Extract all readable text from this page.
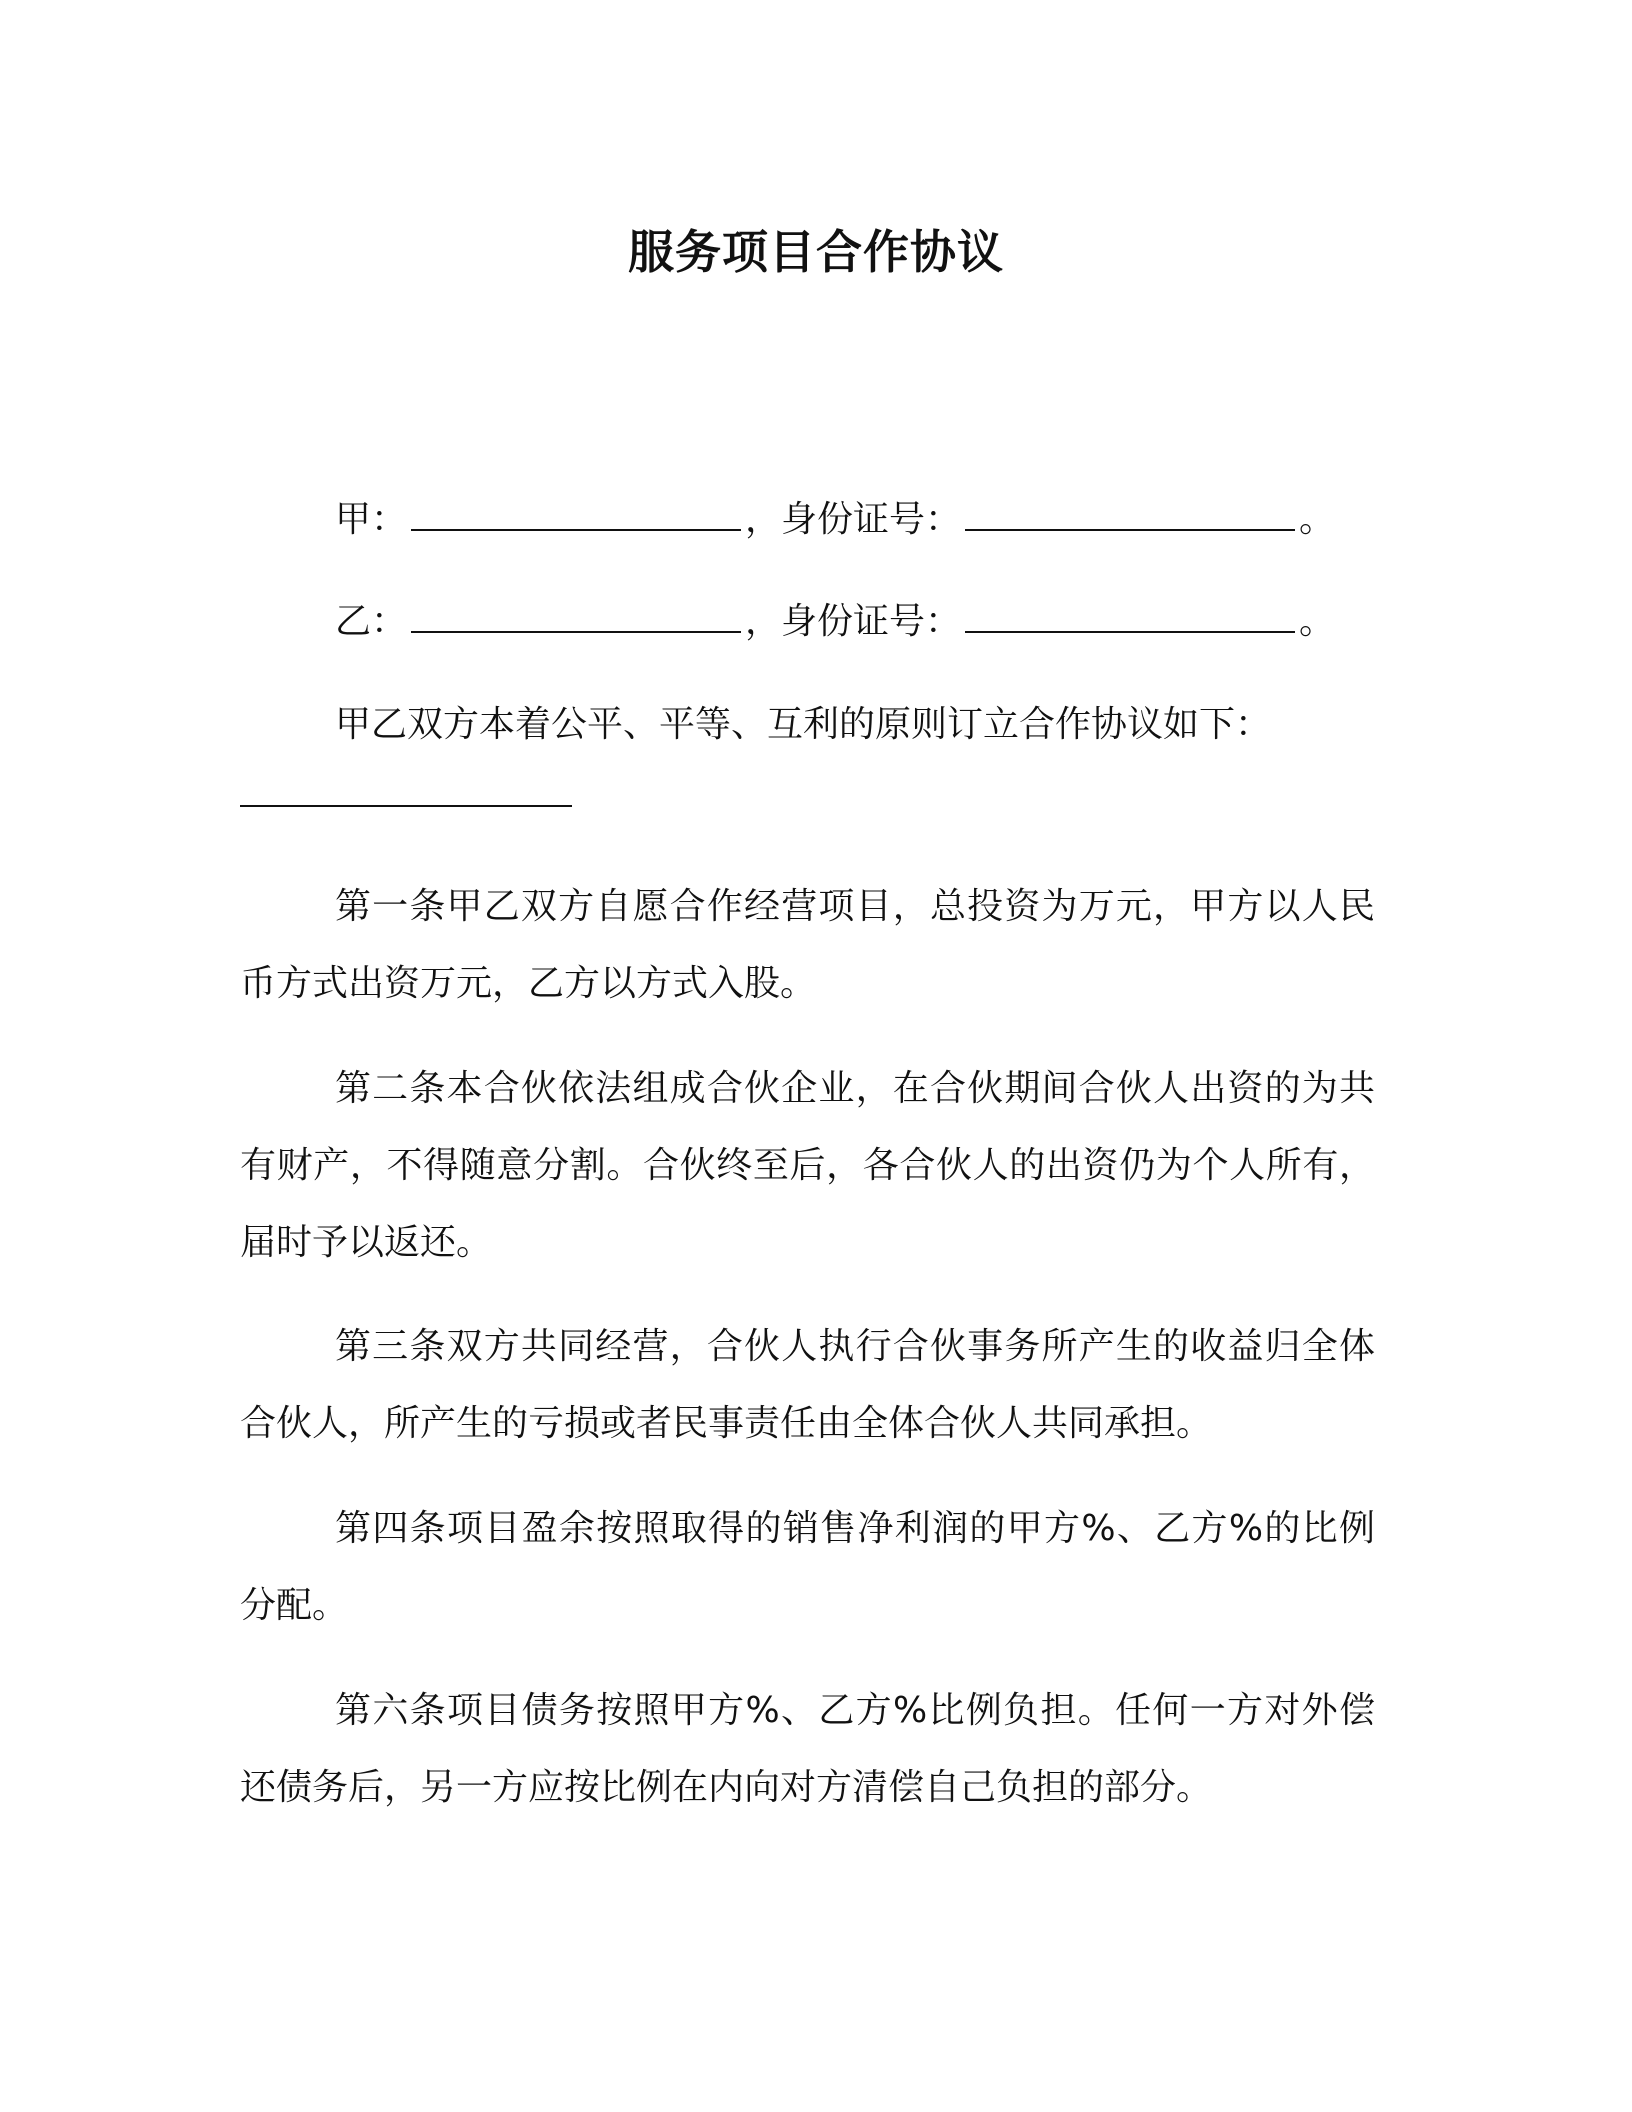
服务项目合作协议
甲：	，身份证号：	。
乙：	，身份证号：	。
甲乙双方本着公平、平等、互利的原则订立合作协议如下：
第一条甲乙双方自愿合作经营项目，总投资为万元，甲方以人民币方式出资万元，乙方以方式入股。
第二条本合伙依法组成合伙企业，在合伙期间合伙人出资的为共有财产，不得随意分割。合伙终至后，各合伙人的出资仍为个人所有，届时予以返还。
第三条双方共同经营，合伙人执行合伙事务所产生的收益归全体合伙人，所产生的亏损或者民事责任由全体合伙人共同承担。
第四条项目盈余按照取得的销售净利润的甲方%、乙方%的比例分配。
第六条项目债务按照甲方%、乙方%比例负担。任何一方对外偿还债务后，另一方应按比例在内向对方清偿自己负担的部分。
